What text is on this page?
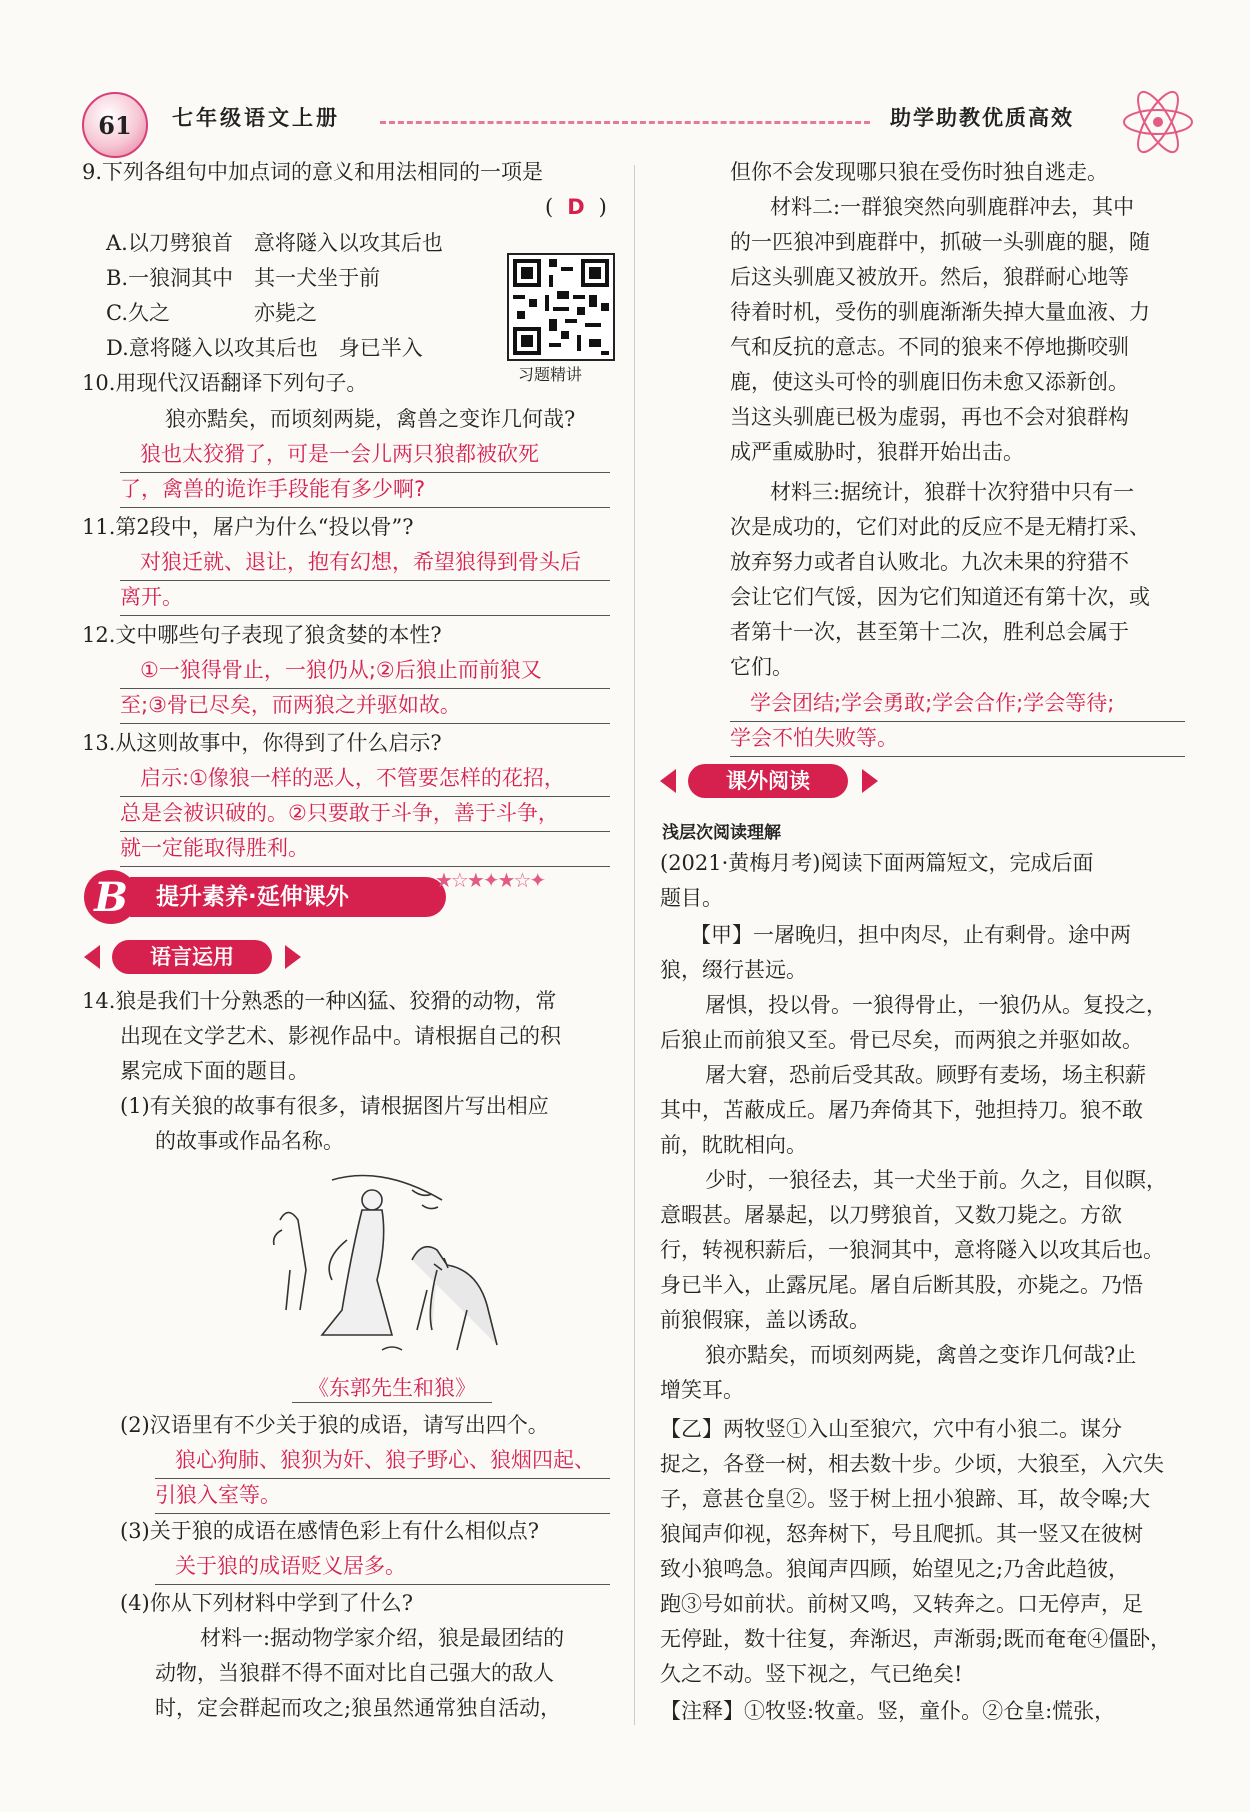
61	七年级语文上册	助学助教优质高效
9.下列各组句中加点词的意义和用法相同的一项是
( D )
A.以刀劈狼首　意将隧入以攻其后也
B.一狼洞其中　其一犬坐于前
C.久之　　　　亦毙之
D.意将隧入以攻其后也　身已半入
习题精讲
10.用现代汉语翻译下列句子。
狼亦黠矣，而顷刻两毙，禽兽之变诈几何哉?
狼也太狡猾了，可是一会儿两只狼都被砍死
了，禽兽的诡诈手段能有多少啊?
11.第2段中，屠户为什么“投以骨”?
对狼迁就、退让，抱有幻想，希望狼得到骨头后
离开。
12.文中哪些句子表现了狼贪婪的本性?
①一狼得骨止，一狼仍从;②后狼止而前狼又
至;③骨已尽矣，而两狼之并驱如故。
13.从这则故事中，你得到了什么启示?
启示:①像狼一样的恶人，不管要怎样的花招，
总是会被识破的。②只要敢于斗争，善于斗争，
就一定能取得胜利。
提升素养·延伸课外
B	★☆★✦★☆✦
语言运用
14.狼是我们十分熟悉的一种凶猛、狡猾的动物，常
出现在文学艺术、影视作品中。请根据自己的积
累完成下面的题目。
(1)有关狼的故事有很多，请根据图片写出相应
的故事或作品名称。
《东郭先生和狼》
(2)汉语里有不少关于狼的成语，请写出四个。
狼心狗肺、狼狈为奸、狼子野心、狼烟四起、
引狼入室等。
(3)关于狼的成语在感情色彩上有什么相似点?
关于狼的成语贬义居多。
(4)你从下列材料中学到了什么?
材料一:据动物学家介绍，狼是最团结的
动物，当狼群不得不面对比自己强大的敌人
时，定会群起而攻之;狼虽然通常独自活动，
但你不会发现哪只狼在受伤时独自逃走。
材料二:一群狼突然向驯鹿群冲去，其中
的一匹狼冲到鹿群中，抓破一头驯鹿的腿，随
后这头驯鹿又被放开。然后，狼群耐心地等
待着时机，受伤的驯鹿渐渐失掉大量血液、力
气和反抗的意志。不同的狼来不停地撕咬驯
鹿，使这头可怜的驯鹿旧伤未愈又添新创。
当这头驯鹿已极为虚弱，再也不会对狼群构
成严重威胁时，狼群开始出击。
材料三:据统计，狼群十次狩猎中只有一
次是成功的，它们对此的反应不是无精打采、
放弃努力或者自认败北。九次未果的狩猎不
会让它们气馁，因为它们知道还有第十次，或
者第十一次，甚至第十二次，胜利总会属于
它们。
学会团结;学会勇敢;学会合作;学会等待;
学会不怕失败等。
课外阅读
浅层次阅读理解
(2021·黄梅月考)阅读下面两篇短文，完成后面
题目。
【甲】一屠晚归，担中肉尽，止有剩骨。途中两
狼，缀行甚远。
屠惧，投以骨。一狼得骨止，一狼仍从。复投之，
后狼止而前狼又至。骨已尽矣，而两狼之并驱如故。
屠大窘，恐前后受其敌。顾野有麦场，场主积薪
其中，苫蔽成丘。屠乃奔倚其下，弛担持刀。狼不敢
前，眈眈相向。
少时，一狼径去，其一犬坐于前。久之，目似瞑，
意暇甚。屠暴起，以刀劈狼首，又数刀毙之。方欲
行，转视积薪后，一狼洞其中，意将隧入以攻其后也。
身已半入，止露尻尾。屠自后断其股，亦毙之。乃悟
前狼假寐，盖以诱敌。
狼亦黠矣，而顷刻两毙，禽兽之变诈几何哉?止
增笑耳。
【乙】两牧竖①入山至狼穴，穴中有小狼二。谋分
捉之，各登一树，相去数十步。少顷，大狼至，入穴失
子，意甚仓皇②。竖于树上扭小狼蹄、耳，故令嗥;大
狼闻声仰视，怒奔树下，号且爬抓。其一竖又在彼树
致小狼鸣急。狼闻声四顾，始望见之;乃舍此趋彼，
跑③号如前状。前树又鸣，又转奔之。口无停声，足
无停趾，数十往复，奔渐迟，声渐弱;既而奄奄④僵卧，
久之不动。竖下视之，气已绝矣!
【注释】①牧竖:牧童。竖，童仆。②仓皇:慌张，
